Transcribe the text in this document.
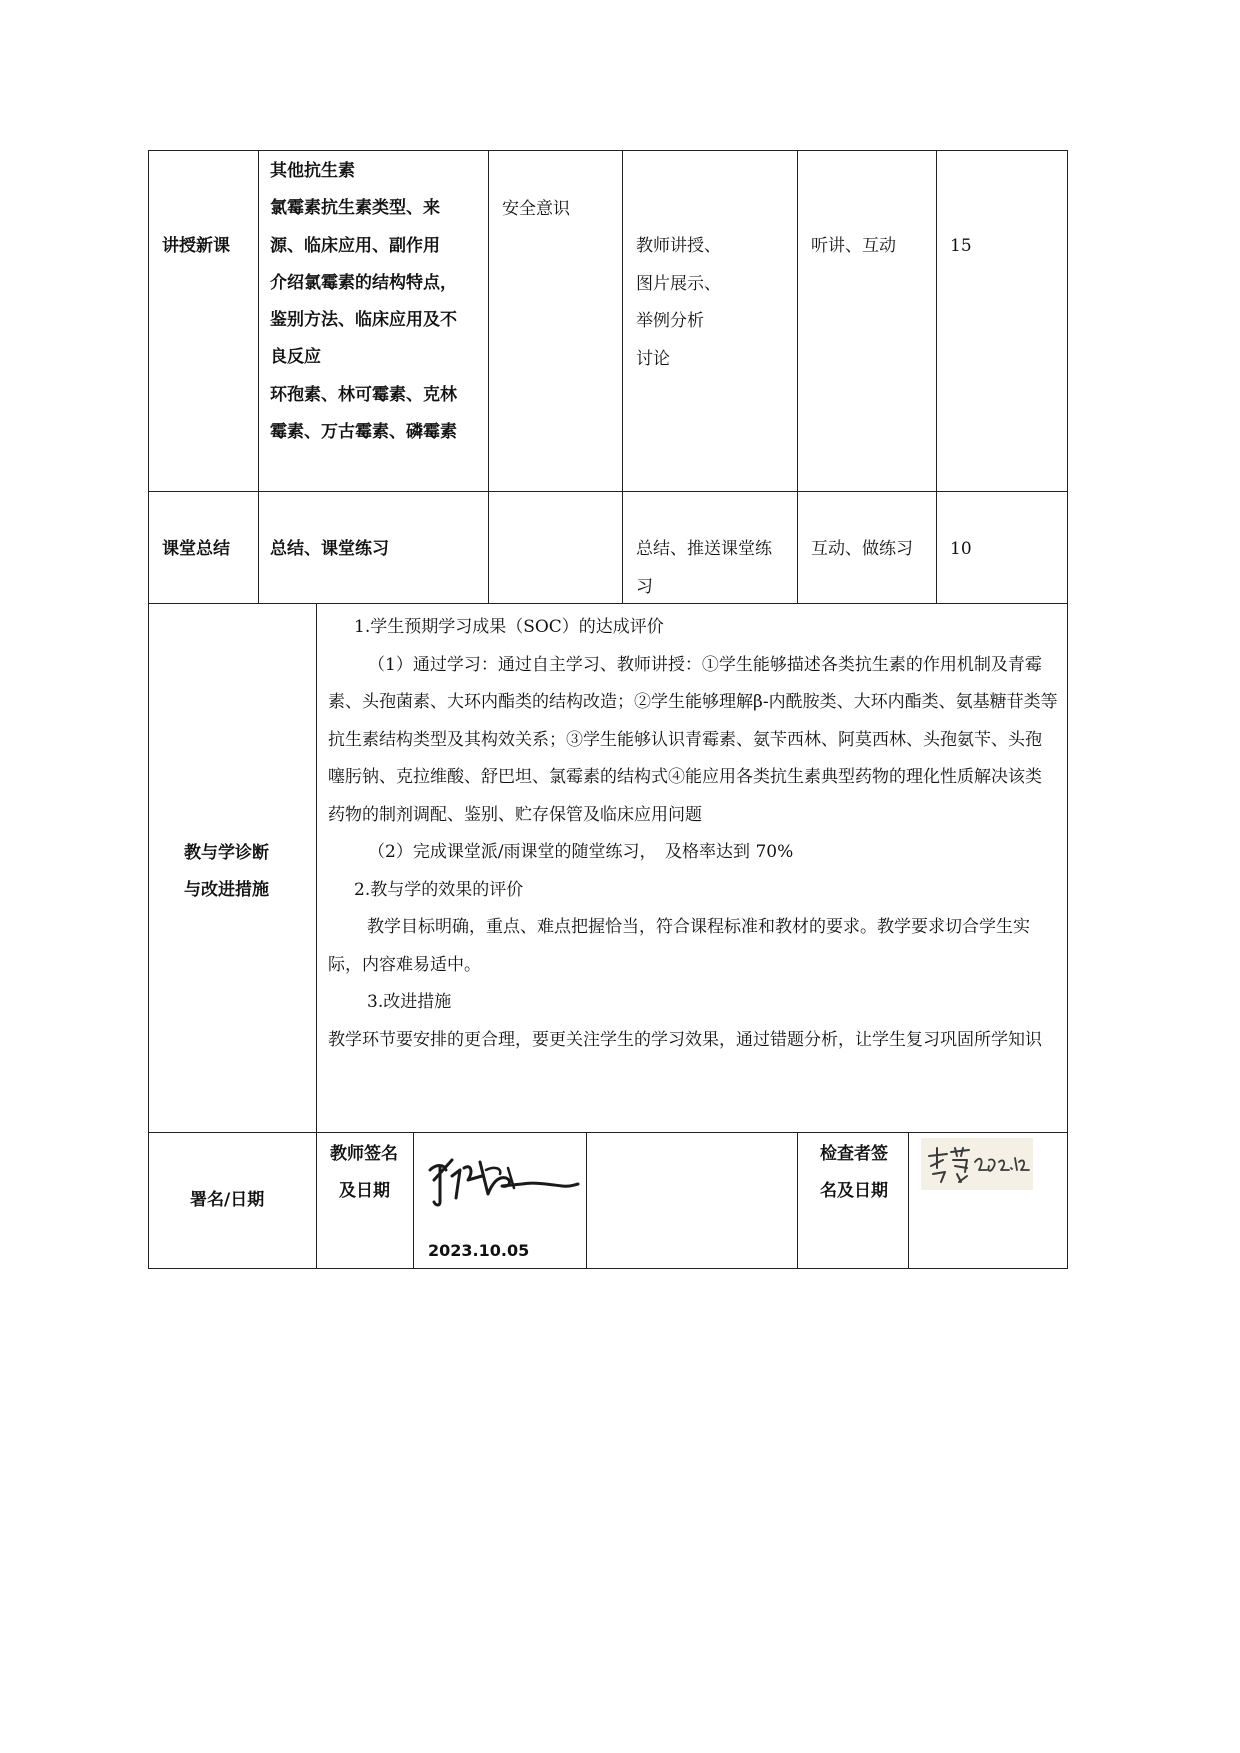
讲授新课
其他抗生素
氯霉素抗生素类型、来
源、临床应用、副作用
介绍氯霉素的结构特点，
鉴别方法、临床应用及不
良反应
环孢素、林可霉素、克林
霉素、万古霉素、磷霉素
安全意识
教师讲授、
图片展示、
举例分析
讨论
听讲、互动	15
课堂总结 总结、课堂练习	总结、推送课堂练
习
互动、做练习 10
教与学诊断
与改进措施
1.学生预期学习成果（SOC）的达成评价
（1）通过学习：通过自主学习、教师讲授：①学生能够描述各类抗生素的作用机制及青霉素、头孢菌素、大环内酯类的结构改造；②学生能够理解β-内酰胺类、大环内酯类、氨基糖苷类等抗生素结构类型及其构效关系；③学生能够认识青霉素、氨苄西林、阿莫西林、头孢氨苄、头孢噻肟钠、克拉维酸、舒巴坦、氯霉素的结构式④能应用各类抗生素典型药物的理化性质解决该类药物的制剂调配、鉴别、贮存保管及临床应用问题
（2）完成课堂派/雨课堂的随堂练习，　及格率达到 70%
2.教与学的效果的评价
教学目标明确，重点、难点把握恰当，符合课程标准和教材的要求。教学要求切合学生实际，内容难易适中。
3.改进措施
教学环节要安排的更合理，要更关注学生的学习效果，通过错题分析，让学生复习巩固所学知识
署名/日期
教师签名
及日期
2023.10.05
检查者签
名及日期
